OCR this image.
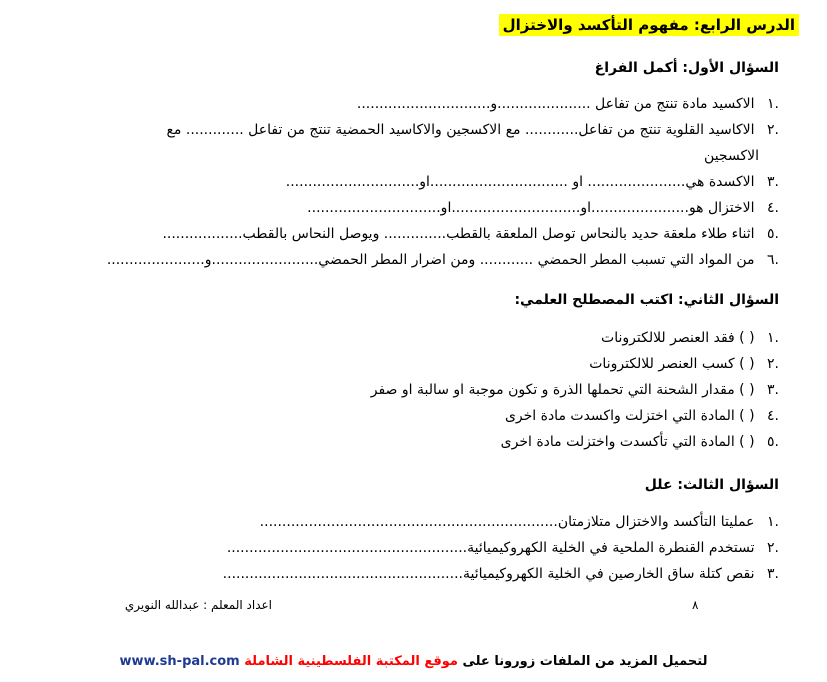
الدرس الرابع: مفهوم التأكسد والاختزال
السؤال الأول: أكمل الفراغ
.١ الاكسيد مادة تنتج من تفاعل .....................و..............................
.٢ الاكاسيد القلوية تنتج من تفاعل............ مع الاكسجين والاكاسيد الحمضية تنتج من تفاعل ............. مع
الاكسجين
.٣ الاكسدة هي...................... او ...............................او..............................
.٤ الاختزال هو......................او.............................او..............................
.٥ اثناء طلاء ملعقة حديد بالنحاس توصل الملعقة بالقطب.............. ويوصل النحاس بالقطب..................
.٦ من المواد التي تسبب المطر الحمضي ............ ومن اضرار المطر الحمضي........................و......................
السؤال الثاني: اكتب المصطلح العلمي:
.١ ( ) فقد العنصر للالكترونات
.٢ ( ) كسب العنصر للالكترونات
.٣ ( ) مقدار الشحنة التي تحملها الذرة و تكون موجبة او سالبة او صفر
.٤ ( ) المادة التي اختزلت واكسدت مادة اخرى
.٥ ( ) المادة التي تأكسدت واختزلت مادة اخرى
السؤال الثالث: علل
.١ عمليتا التأكسد والاختزال متلازمتان...................................................................
.٢ تستخدم القنطرة الملحية في الخلية الكهروكيميائية......................................................
.٣ نقص كتلة ساق الخارصين في الخلية الكهروكيميائية......................................................
٨
اعداد المعلم : عبدالله النويري
لتحميل المزيد من الملفات زورونا على موقع المكتبة الفلسطينية الشاملة www.sh-pal.com
